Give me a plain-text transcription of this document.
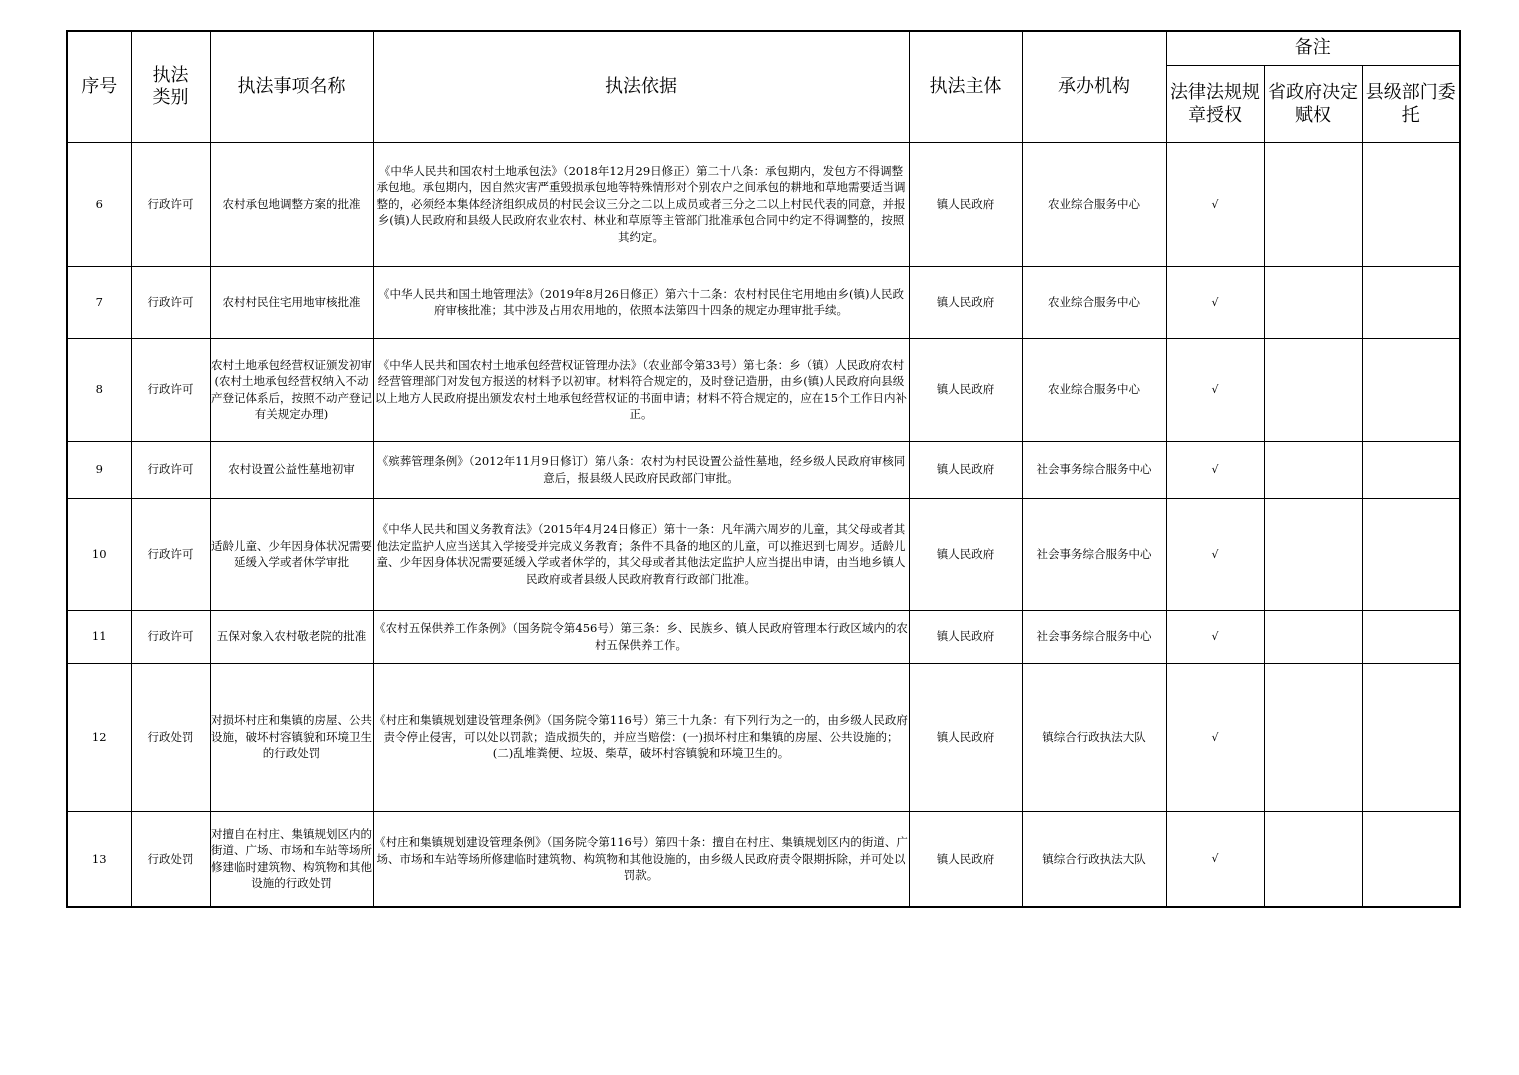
序号	执法类别	执法事项名称	执法依据	执法主体	承办机构	备注		
						法律法规规章授权	省政府决定赋权	县级部门委托
6	行政许可	农村承包地调整方案的批准	《中华人民共和国农村土地承包法》（2018年12月29日修正）第二十八条：承包期内，发包方不得调整承包地。承包期内，因自然灾害严重毁损承包地等特殊情形对个别农户之间承包的耕地和草地需要适当调整的，必须经本集体经济组织成员的村民会议三分之二以上成员或者三分之二以上村民代表的同意，并报乡(镇)人民政府和县级人民政府农业农村、林业和草原等主管部门批准承包合同中约定不得调整的，按照其约定。	镇人民政府	农业综合服务中心	√		
7	行政许可	农村村民住宅用地审核批准	《中华人民共和国土地管理法》（2019年8月26日修正）第六十二条：农村村民住宅用地由乡(镇)人民政府审核批准；其中涉及占用农用地的，依照本法第四十四条的规定办理审批手续。	镇人民政府	农业综合服务中心	√		
8	行政许可	农村土地承包经营权证颁发初审(农村土地承包经营权纳入不动产登记体系后，按照不动产登记有关规定办理)	《中华人民共和国农村土地承包经营权证管理办法》（农业部令第33号）第七条：乡（镇）人民政府农村经营管理部门对发包方报送的材料予以初审。材料符合规定的，及时登记造册，由乡(镇)人民政府向县级以上地方人民政府提出颁发农村土地承包经营权证的书面申请；材料不符合规定的，应在15个工作日内补正。	镇人民政府	农业综合服务中心	√		
9	行政许可	农村设置公益性墓地初审	《殡葬管理条例》（2012年11月9日修订）第八条：农村为村民设置公益性墓地，经乡级人民政府审核同意后，报县级人民政府民政部门审批。	镇人民政府	社会事务综合服务中心	√		
10	行政许可	适龄儿童、少年因身体状况需要延缓入学或者休学审批	《中华人民共和国义务教育法》（2015年4月24日修正）第十一条：凡年满六周岁的儿童，其父母或者其他法定监护人应当送其入学接受并完成义务教育；条件不具备的地区的儿童，可以推迟到七周岁。适龄儿童、少年因身体状况需要延缓入学或者休学的，其父母或者其他法定监护人应当提出申请，由当地乡镇人民政府或者县级人民政府教育行政部门批准。	镇人民政府	社会事务综合服务中心	√		
11	行政许可	五保对象入农村敬老院的批准	《农村五保供养工作条例》（国务院令第456号）第三条：乡、民族乡、镇人民政府管理本行政区域内的农村五保供养工作。	镇人民政府	社会事务综合服务中心	√		
12	行政处罚	对损坏村庄和集镇的房屋、公共设施，破坏村容镇貌和环境卫生的行政处罚	《村庄和集镇规划建设管理条例》（国务院令第116号）第三十九条：有下列行为之一的，由乡级人民政府责令停止侵害，可以处以罚款；造成损失的，并应当赔偿：(一)损坏村庄和集镇的房屋、公共设施的；(二)乱堆粪便、垃圾、柴草，破坏村容镇貌和环境卫生的。	镇人民政府	镇综合行政执法大队	√		
13	行政处罚	对擅自在村庄、集镇规划区内的街道、广场、市场和车站等场所修建临时建筑物、构筑物和其他设施的行政处罚	《村庄和集镇规划建设管理条例》（国务院令第116号）第四十条：擅自在村庄、集镇规划区内的街道、广场、市场和车站等场所修建临时建筑物、构筑物和其他设施的，由乡级人民政府责令限期拆除，并可处以罚款。	镇人民政府	镇综合行政执法大队	√		
